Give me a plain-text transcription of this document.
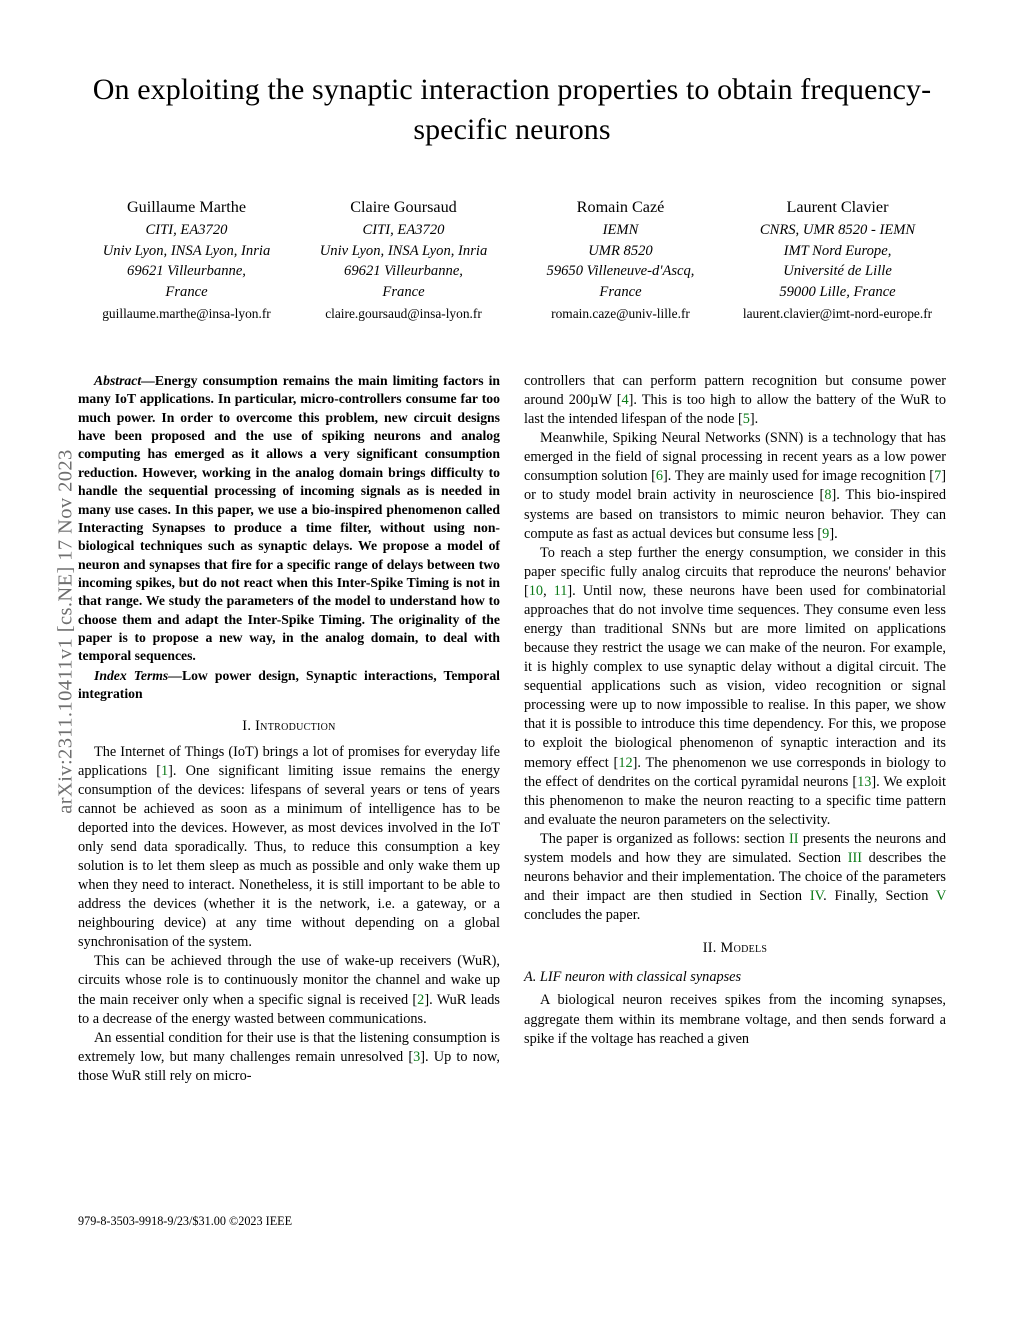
arXiv:2311.10411v1 [cs.NE] 17 Nov 2023
On exploiting the synaptic interaction properties to obtain frequency-specific neurons
Guillaume Marthe
CITI, EA3720
Univ Lyon, INSA Lyon, Inria
69621 Villeurbanne,
France
guillaume.marthe@insa-lyon.fr
Claire Goursaud
CITI, EA3720
Univ Lyon, INSA Lyon, Inria
69621 Villeurbanne,
France
claire.goursaud@insa-lyon.fr
Romain Cazé
IEMN
UMR 8520
59650 Villeneuve-d'Ascq,
France
romain.caze@univ-lille.fr
Laurent Clavier
CNRS, UMR 8520 - IEMN
IMT Nord Europe,
Université de Lille
59000 Lille, France
laurent.clavier@imt-nord-europe.fr
Abstract—Energy consumption remains the main limiting factors in many IoT applications. In particular, micro-controllers consume far too much power. In order to overcome this problem, new circuit designs have been proposed and the use of spiking neurons and analog computing has emerged as it allows a very significant consumption reduction. However, working in the analog domain brings difficulty to handle the sequential processing of incoming signals as is needed in many use cases. In this paper, we use a bio-inspired phenomenon called Interacting Synapses to produce a time filter, without using non-biological techniques such as synaptic delays. We propose a model of neuron and synapses that fire for a specific range of delays between two incoming spikes, but do not react when this Inter-Spike Timing is not in that range. We study the parameters of the model to understand how to choose them and adapt the Inter-Spike Timing. The originality of the paper is to propose a new way, in the analog domain, to deal with temporal sequences.
Index Terms—Low power design, Synaptic interactions, Temporal integration
I. Introduction

The Internet of Things (IoT) brings a lot of promises for everyday life applications [1]. One significant limiting issue remains the energy consumption of the devices: lifespans of several years or tens of years cannot be achieved as soon as a minimum of intelligence has to be deported into the devices. However, as most devices involved in the IoT only send data sporadically. Thus, to reduce this consumption a key solution is to let them sleep as much as possible and only wake them up when they need to interact. Nonetheless, it is still important to be able to address the devices (whether it is the network, i.e. a gateway, or a neighbouring device) at any time without depending on a global synchronisation of the system.

This can be achieved through the use of wake-up receivers (WuR), circuits whose role is to continuously monitor the channel and wake up the main receiver only when a specific signal is received [2]. WuR leads to a decrease of the energy wasted between communications.

An essential condition for their use is that the listening consumption is extremely low, but many challenges remain unresolved [3]. Up to now, those WuR still rely on micro-

controllers that can perform pattern recognition but consume power around 200µW [4]. This is too high to allow the battery of the WuR to last the intended lifespan of the node [5].

Meanwhile, Spiking Neural Networks (SNN) is a technology that has emerged in the field of signal processing in recent years as a low power consumption solution [6]. They are mainly used for image recognition [7] or to study model brain activity in neuroscience [8]. This bio-inspired systems are based on transistors to mimic neuron behavior. They can compute as fast as actual devices but consume less [9].

To reach a step further the energy consumption, we consider in this paper specific fully analog circuits that reproduce the neurons' behavior [10, 11]. Until now, these neurons have been used for combinatorial approaches that do not involve time sequences. They consume even less energy than traditional SNNs but are more limited on applications because they restrict the usage we can make of the neuron. For example, it is highly complex to use synaptic delay without a digital circuit. The sequential applications such as vision, video recognition or signal processing were up to now impossible to realise. In this paper, we show that it is possible to introduce this time dependency. For this, we propose to exploit the biological phenomenon of synaptic interaction and its memory effect [12]. The phenomenon we use corresponds in biology to the effect of dendrites on the cortical pyramidal neurons [13]. We exploit this phenomenon to make the neuron reacting to a specific time pattern and evaluate the neuron parameters on the selectivity.

The paper is organized as follows: section II presents the neurons and system models and how they are simulated. Section III describes the neurons behavior and their implementation. The choice of the parameters and their impact are then studied in Section IV. Finally, Section V concludes the paper.

II. Models
A. LIF neuron with classical synapses

A biological neuron receives spikes from the incoming synapses, aggregate them within its membrane voltage, and then sends forward a spike if the voltage has reached a given

979-8-3503-9918-9/23/$31.00 ©2023 IEEE
